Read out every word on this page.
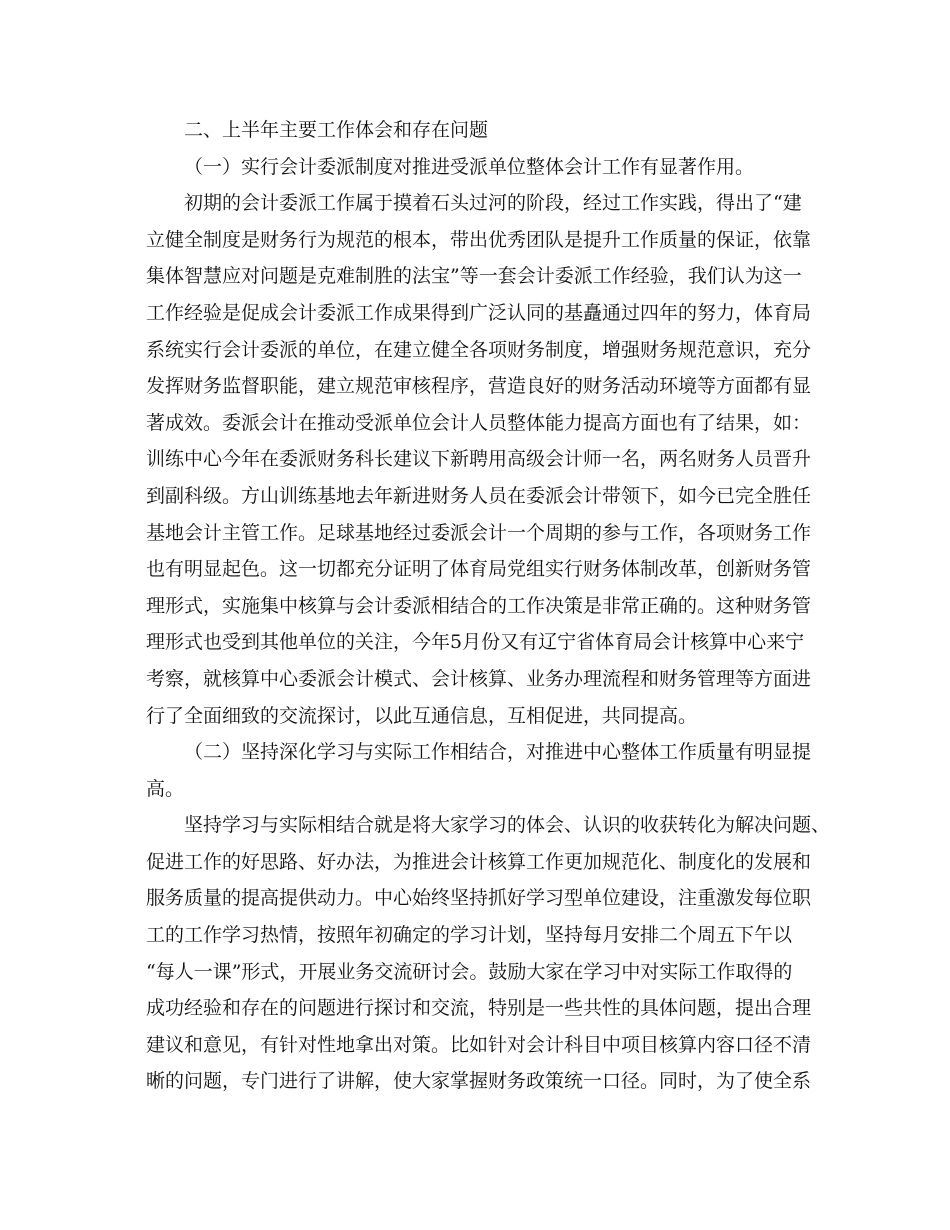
二、上半年主要工作体会和存在问题
（一）实行会计委派制度对推进受派单位整体会计工作有显著作用。
初期的会计委派工作属于摸着石头过河的阶段，经过工作实践，得出了“建
立健全制度是财务行为规范的根本，带出优秀团队是提升工作质量的保证，依靠
集体智慧应对问题是克难制胜的法宝”等一套会计委派工作经验，我们认为这一
工作经验是促成会计委派工作成果得到广泛认同的基矗通过四年的努力，体育局
系统实行会计委派的单位，在建立健全各项财务制度，增强财务规范意识，充分
发挥财务监督职能，建立规范审核程序，营造良好的财务活动环境等方面都有显
著成效。委派会计在推动受派单位会计人员整体能力提高方面也有了结果，如：
训练中心今年在委派财务科长建议下新聘用高级会计师一名，两名财务人员晋升
到副科级。方山训练基地去年新进财务人员在委派会计带领下，如今已完全胜任
基地会计主管工作。足球基地经过委派会计一个周期的参与工作，各项财务工作
也有明显起色。这一切都充分证明了体育局党组实行财务体制改革，创新财务管
理形式，实施集中核算与会计委派相结合的工作决策是非常正确的。这种财务管
理形式也受到其他单位的关注，今年5月份又有辽宁省体育局会计核算中心来宁
考察，就核算中心委派会计模式、会计核算、业务办理流程和财务管理等方面进
行了全面细致的交流探讨，以此互通信息，互相促进，共同提高。
（二）坚持深化学习与实际工作相结合，对推进中心整体工作质量有明显提
高。
坚持学习与实际相结合就是将大家学习的体会、认识的收获转化为解决问题、
促进工作的好思路、好办法，为推进会计核算工作更加规范化、制度化的发展和
服务质量的提高提供动力。中心始终坚持抓好学习型单位建设，注重激发每位职
工的工作学习热情，按照年初确定的学习计划，坚持每月安排二个周五下午以
“每人一课”形式，开展业务交流研讨会。鼓励大家在学习中对实际工作取得的
成功经验和存在的问题进行探讨和交流，特别是一些共性的具体问题，提出合理
建议和意见，有针对性地拿出对策。比如针对会计科目中项目核算内容口径不清
晰的问题，专门进行了讲解，使大家掌握财务政策统一口径。同时，为了使全系
